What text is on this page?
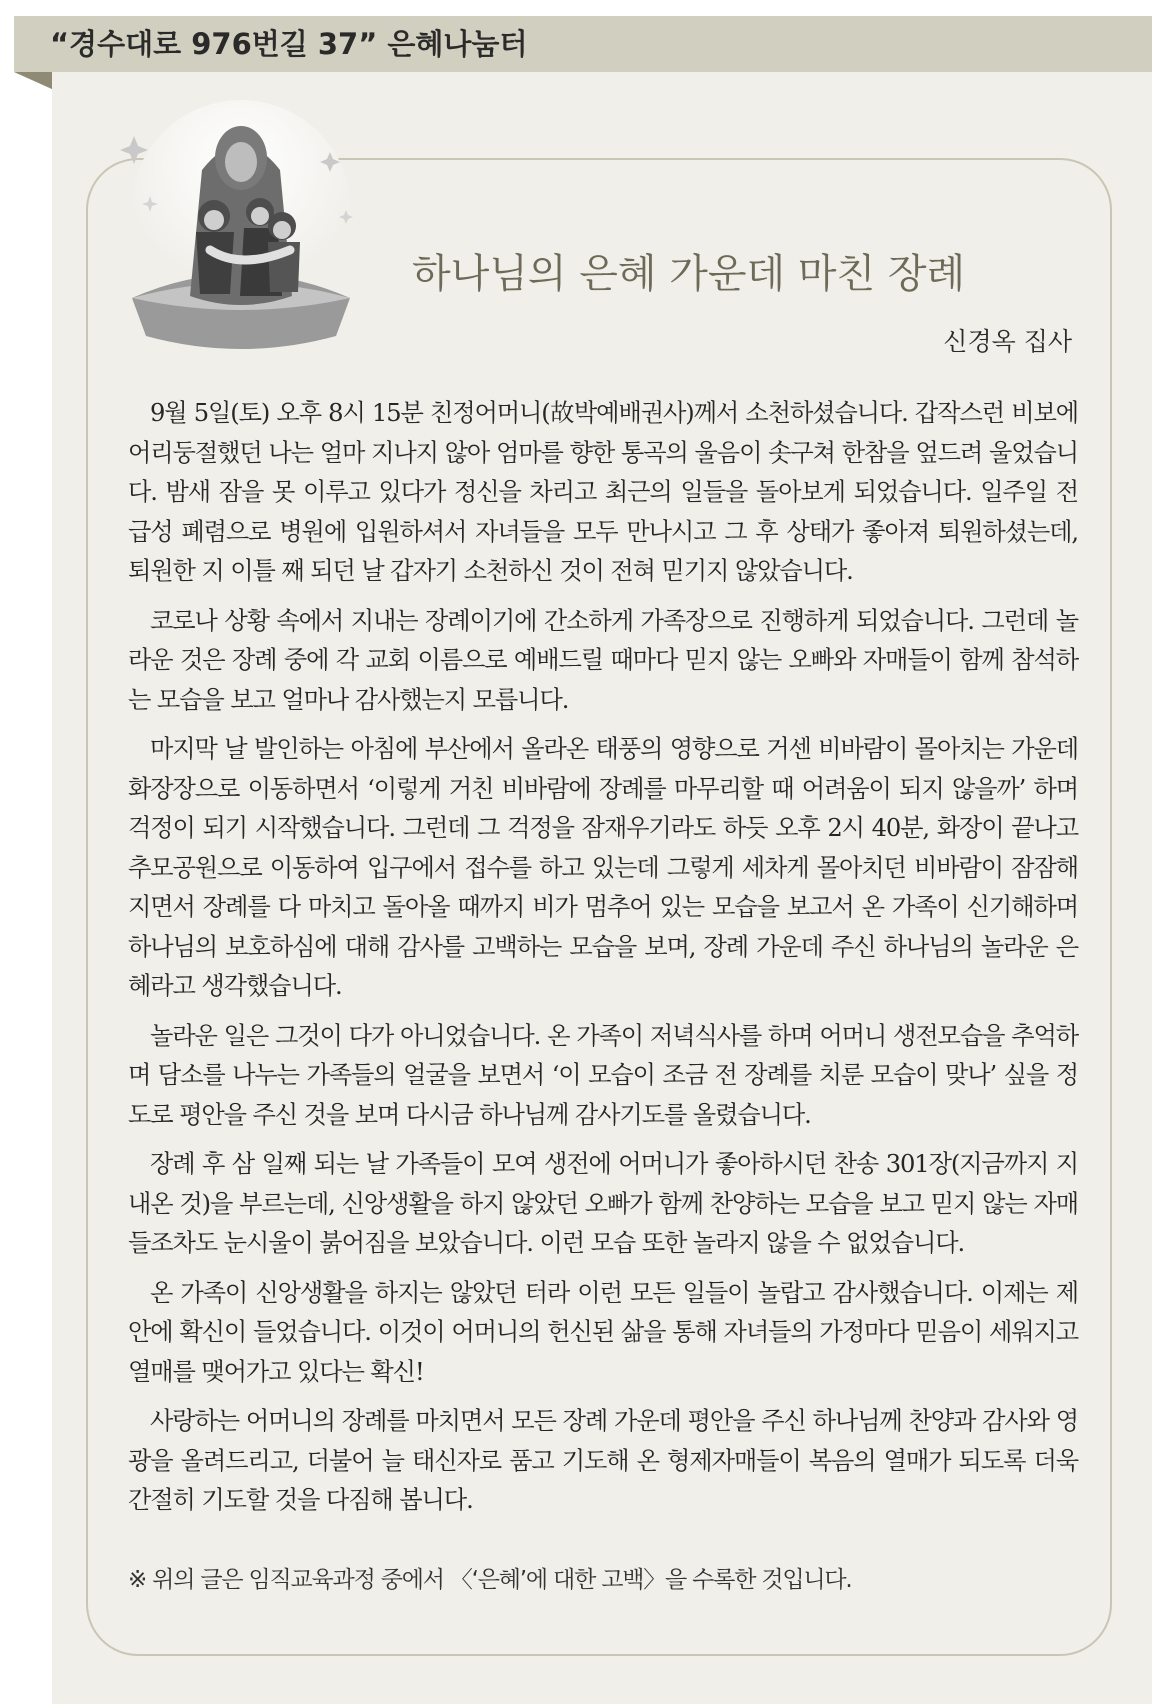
“경수대로 976번길 37” 은혜나눔터
하나님의 은혜 가운데 마친 장례
신경옥 집사

9월 5일(토) 오후 8시 15분 친정어머니(故박예배권사)께서 소천하셨습니다. 갑작스런 비보에 어리둥절했던 나는 얼마 지나지 않아 엄마를 향한 통곡의 울음이 솟구쳐 한참을 엎드려 울었습니다. 밤새 잠을 못 이루고 있다가 정신을 차리고 최근의 일들을 돌아보게 되었습니다. 일주일 전 급성 폐렴으로 병원에 입원하셔서 자녀들을 모두 만나시고 그 후 상태가 좋아져 퇴원하셨는데, 퇴원한 지 이틀 째 되던 날 갑자기 소천하신 것이 전혀 믿기지 않았습니다.

코로나 상황 속에서 지내는 장례이기에 간소하게 가족장으로 진행하게 되었습니다. 그런데 놀라운 것은 장례 중에 각 교회 이름으로 예배드릴 때마다 믿지 않는 오빠와 자매들이 함께 참석하는 모습을 보고 얼마나 감사했는지 모릅니다.

마지막 날 발인하는 아침에 부산에서 올라온 태풍의 영향으로 거센 비바람이 몰아치는 가운데 화장장으로 이동하면서 ‘이렇게 거친 비바람에 장례를 마무리할 때 어려움이 되지 않을까’ 하며 걱정이 되기 시작했습니다. 그런데 그 걱정을 잠재우기라도 하듯 오후 2시 40분, 화장이 끝나고 추모공원으로 이동하여 입구에서 접수를 하고 있는데 그렇게 세차게 몰아치던 비바람이 잠잠해지면서 장례를 다 마치고 돌아올 때까지 비가 멈추어 있는 모습을 보고서 온 가족이 신기해하며 하나님의 보호하심에 대해 감사를 고백하는 모습을 보며, 장례 가운데 주신 하나님의 놀라운 은혜라고 생각했습니다.

놀라운 일은 그것이 다가 아니었습니다. 온 가족이 저녁식사를 하며 어머니 생전모습을 추억하며 담소를 나누는 가족들의 얼굴을 보면서 ‘이 모습이 조금 전 장례를 치룬 모습이 맞나’ 싶을 정도로 평안을 주신 것을 보며 다시금 하나님께 감사기도를 올렸습니다.

장례 후 삼 일째 되는 날 가족들이 모여 생전에 어머니가 좋아하시던 찬송 301장(지금까지 지내온 것)을 부르는데, 신앙생활을 하지 않았던 오빠가 함께 찬양하는 모습을 보고 믿지 않는 자매들조차도 눈시울이 붉어짐을 보았습니다. 이런 모습 또한 놀라지 않을 수 없었습니다.

온 가족이 신앙생활을 하지는 않았던 터라 이런 모든 일들이 놀랍고 감사했습니다. 이제는 제 안에 확신이 들었습니다. 이것이 어머니의 헌신된 삶을 통해 자녀들의 가정마다 믿음이 세워지고 열매를 맺어가고 있다는 확신!

사랑하는 어머니의 장례를 마치면서 모든 장례 가운데 평안을 주신 하나님께 찬양과 감사와 영광을 올려드리고, 더불어 늘 태신자로 품고 기도해 온 형제자매들이 복음의 열매가 되도록 더욱 간절히 기도할 것을 다짐해 봅니다.

※ 위의 글은 임직교육과정 중에서 〈‘은혜’에 대한 고백〉을 수록한 것입니다.
